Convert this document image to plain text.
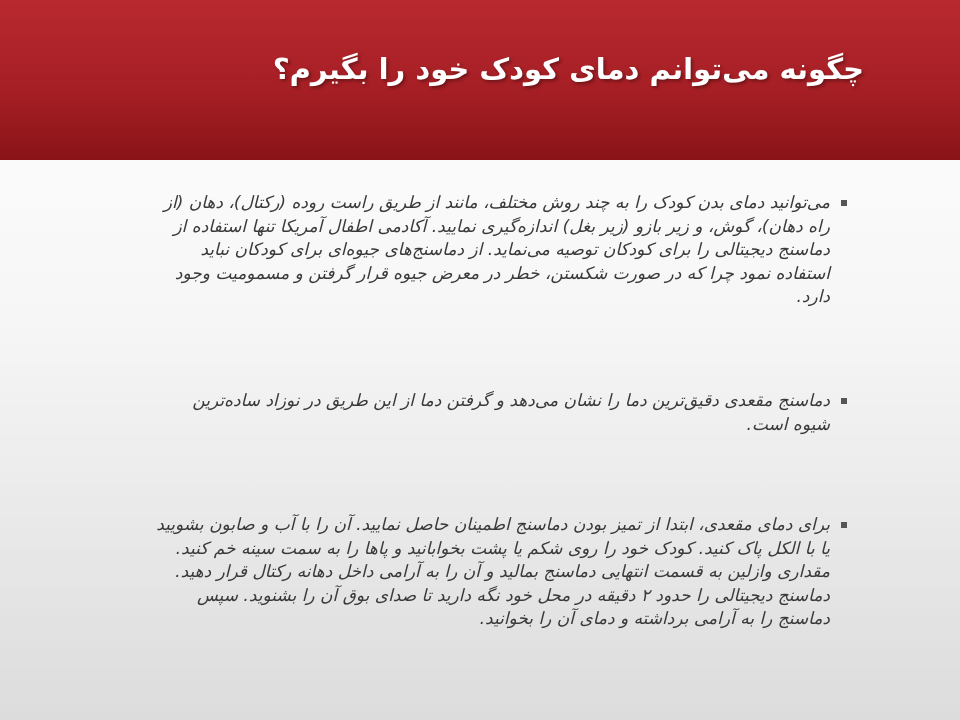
چگونه می‌توانم دمای کودک خود را بگیرم؟
می‌توانید دمای بدن کودک را به چند روش مختلف، مانند از طریق راست روده (رکتال)، دهان (از راه دهان)، گوش، و زیر بازو (زیر بغل) اندازه‌گیری نمایید. آکادمی اطفال آمریکا تنها استفاده از دماسنج دیجیتالی را برای کودکان توصیه می‌نماید. از دماسنج‌های جیوه‌ای برای کودکان نباید استفاده نمود چرا که در صورت شکستن، خطر در معرض جیوه قرار گرفتن و مسمومیت وجود دارد.
دماسنج مقعدی دقیق‌ترین دما را نشان می‌دهد و گرفتن دما از این طریق در نوزاد ساده‌ترین شیوه است.
برای دمای مقعدی، ابتدا از تمیز بودن دماسنج اطمینان حاصل نمایید. آن را با آب و صابون بشویید یا با الکل پاک کنید. کودک خود را روی شکم یا پشت بخوابانید و پاها را به سمت سینه خم کنید. مقداری وازلین به قسمت انتهایی دماسنج بمالید و آن را به آرامی داخل دهانه رکتال قرار دهید. دماسنج دیجیتالی را حدود ۲ دقیقه در محل خود نگه دارید تا صدای بوق آن را بشنوید. سپس دماسنج را به آرامی برداشته و دمای آن را بخوانید.
